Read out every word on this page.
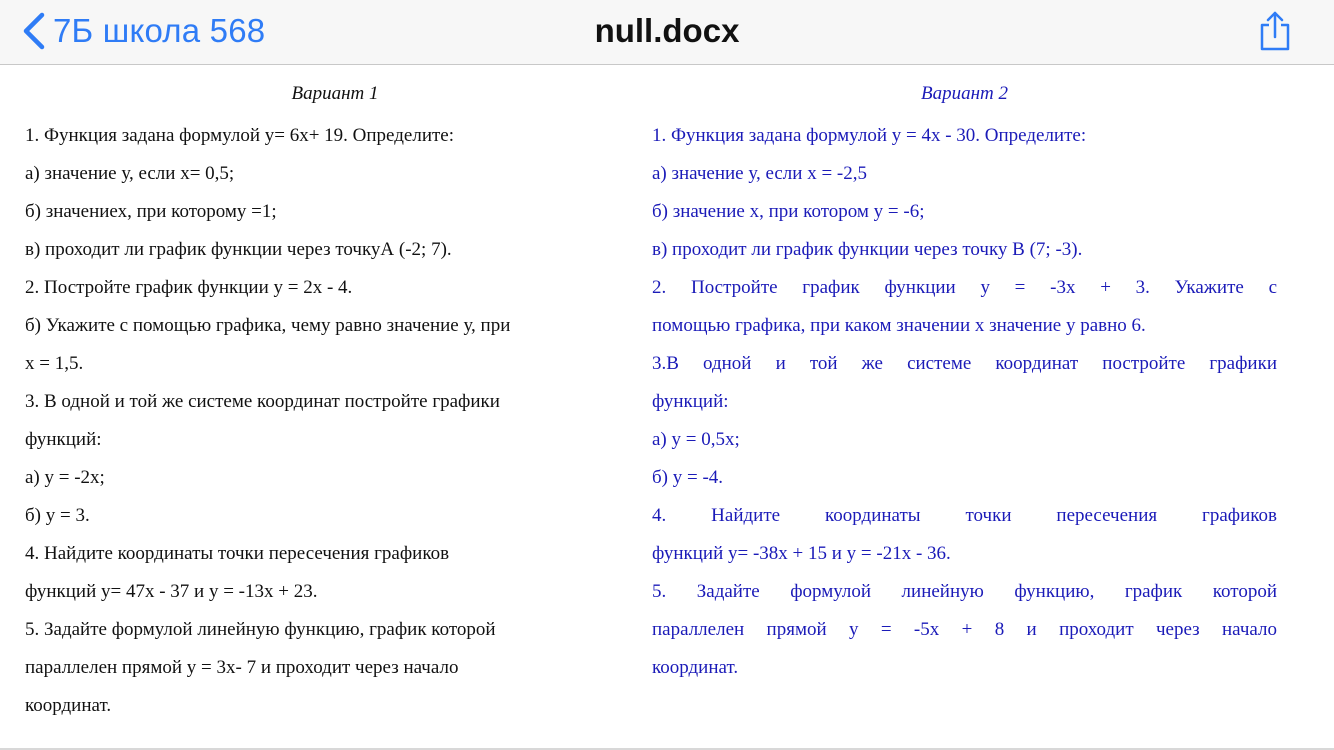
7Б школа 568	null.docx
Вариант 1
1. Функция задана формулой у= 6х+ 19. Определите:
а) значение у, если х= 0,5;
б) значениех, при которому =1;
в) проходит ли график функции через точкуА (-2; 7).
2. Постройте график функции у = 2х - 4.
б) Укажите с помощью графика, чему равно значение у, при
х = 1,5.
3. В одной и той же системе координат постройте графики
функций:
а) у = -2х;
б) у = 3.
4. Найдите координаты точки пересечения графиков
функций у= 47х - 37 и у = -13х + 23.
5. Задайте формулой линейную функцию, график которой
параллелен прямой у = 3х- 7 и проходит через начало
координат.
Вариант 2
1. Функция задана формулой у = 4х - 30. Определите:
а) значение у, если х = -2,5
б) значение х, при котором у = -6;
в) проходит ли график функции через точку В (7; -3).
2. Постройте график функции у = -3х + 3. Укажите с
помощью графика, при каком значении х значение у равно 6.
3.В одной и той же системе координат постройте графики
функций:
а) у = 0,5х;
б) у = -4.
4. Найдите координаты точки пересечения графиков
функций у= -38х + 15 и у = -21х - 36.
5. Задайте формулой линейную функцию, график которой
параллелен прямой у = -5х + 8 и проходит через начало
координат.
